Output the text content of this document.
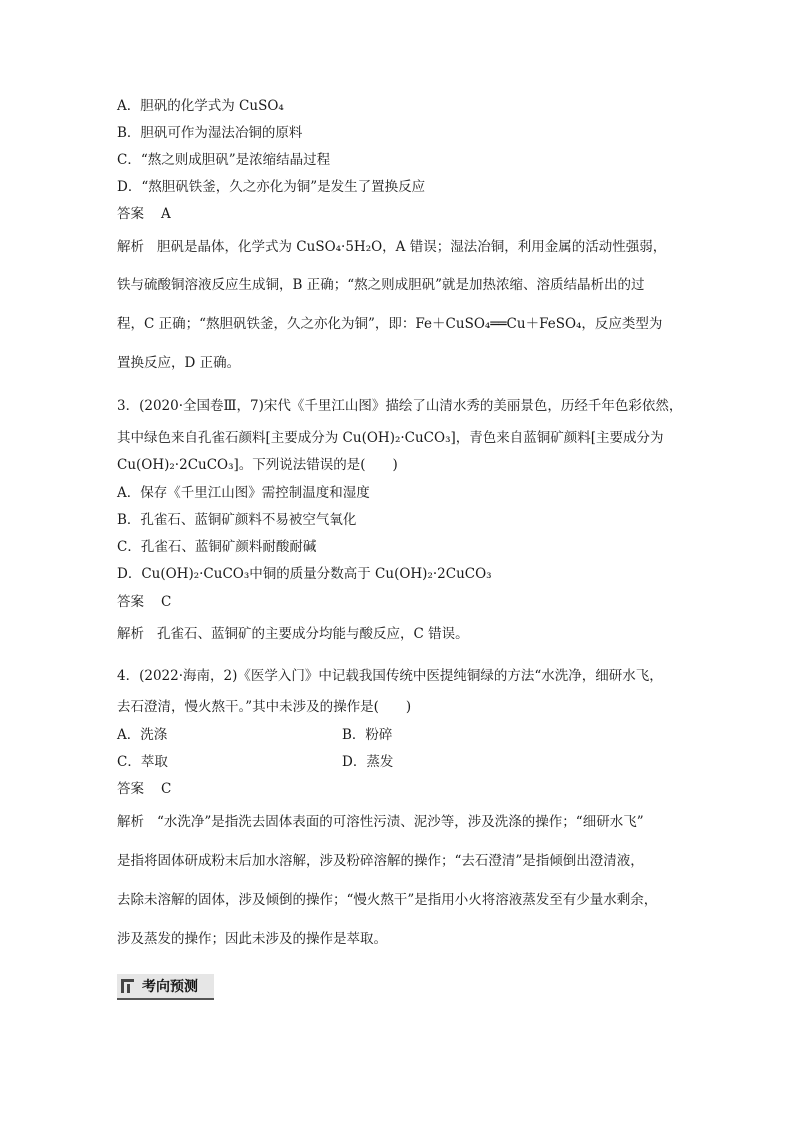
A．胆矾的化学式为 CuSO₄
B．胆矾可作为湿法冶铜的原料
C．“熬之则成胆矾”是浓缩结晶过程
D．“熬胆矾铁釜，久之亦化为铜”是发生了置换反应
答案 A
解析 胆矾是晶体，化学式为 CuSO₄·5H₂O，A 错误；湿法冶铜，利用金属的活动性强弱，
铁与硫酸铜溶液反应生成铜，B 正确；“熬之则成胆矾”就是加热浓缩、溶质结晶析出的过
程，C 正确；“熬胆矾铁釜，久之亦化为铜”，即：Fe＋CuSO₄══Cu＋FeSO₄，反应类型为
置换反应，D 正确。
3．(2020·全国卷Ⅲ，7)宋代《千里江山图》描绘了山清水秀的美丽景色，历经千年色彩依然，
其中绿色来自孔雀石颜料[主要成分为 Cu(OH)₂·CuCO₃]，青色来自蓝铜矿颜料[主要成分为
Cu(OH)₂·2CuCO₃]。下列说法错误的是(　　)
A．保存《千里江山图》需控制温度和湿度
B．孔雀石、蓝铜矿颜料不易被空气氧化
C．孔雀石、蓝铜矿颜料耐酸耐碱
D．Cu(OH)₂·CuCO₃中铜的质量分数高于 Cu(OH)₂·2CuCO₃
答案 C
解析 孔雀石、蓝铜矿的主要成分均能与酸反应，C 错误。
4．(2022·海南，2)《医学入门》中记载我国传统中医提纯铜绿的方法“水洗净，细研水飞，
去石澄清，慢火熬干。”其中未涉及的操作是(　　)
A．洗涤	B．粉碎
C．萃取	D．蒸发
答案 C
解析 “水洗净”是指洗去固体表面的可溶性污渍、泥沙等，涉及洗涤的操作；“细研水飞”
是指将固体研成粉末后加水溶解，涉及粉碎溶解的操作；“去石澄清”是指倾倒出澄清液，
去除未溶解的固体，涉及倾倒的操作；“慢火熬干”是指用小火将溶液蒸发至有少量水剩余，
涉及蒸发的操作；因此未涉及的操作是萃取。
考向预测
